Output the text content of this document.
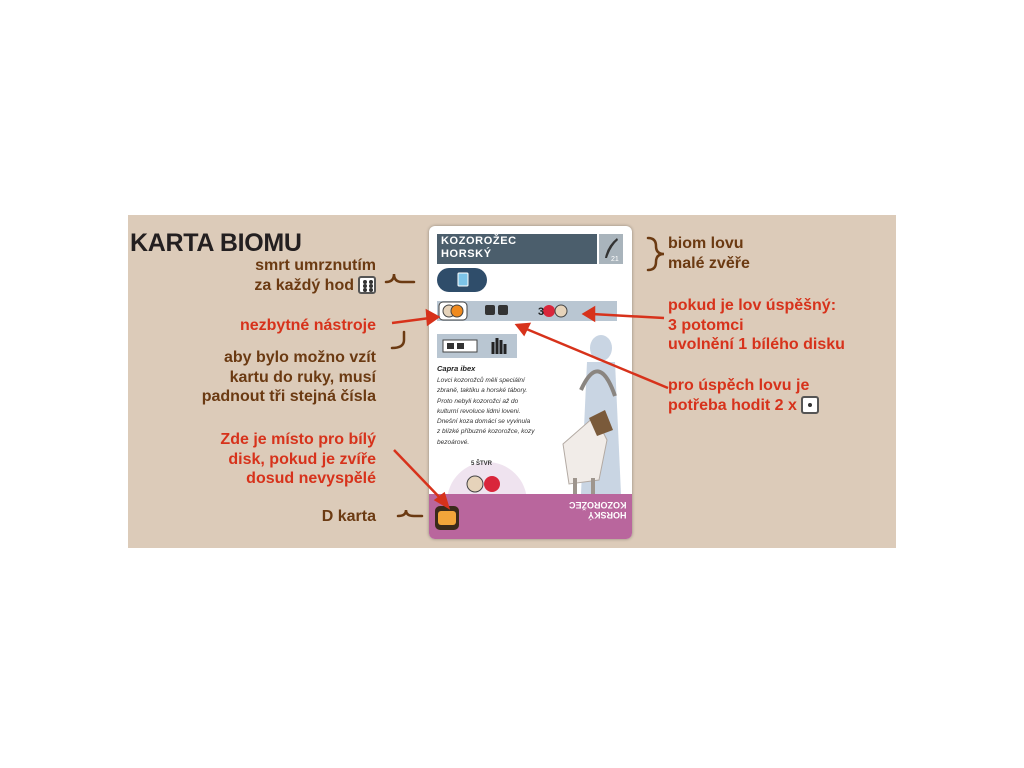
KARTA BIOMU
smrt umrznutím
za každý hod
nezbytné nástroje
aby bylo možno vzít
kartu do ruky, musí
padnout tři stejná čísla
Zde je místo pro bílý
disk, pokud je zvíře
dosud nevyspělé
D karta
biom lovu
malé zvěře
pokud je lov úspěšný:
3 potomci
uvolnění 1 bílého disku
pro úspěch lovu je
potřeba hodit 2 x
KOZOROŽEC
HORSKÝ	21
3
Capra ibex
Lovci kozorožců měli speciální
zbraně, taktiku a horské tábory.
Proto nebyli kozorožci až do
kulturní revoluce lidmi loveni.
Dnešní koza domácí se vyvinula
z blízké příbuzné kozorožce, kozy
bezoárové.
5 ŠTVR
HORSKÝ
KOZOROŽEC
